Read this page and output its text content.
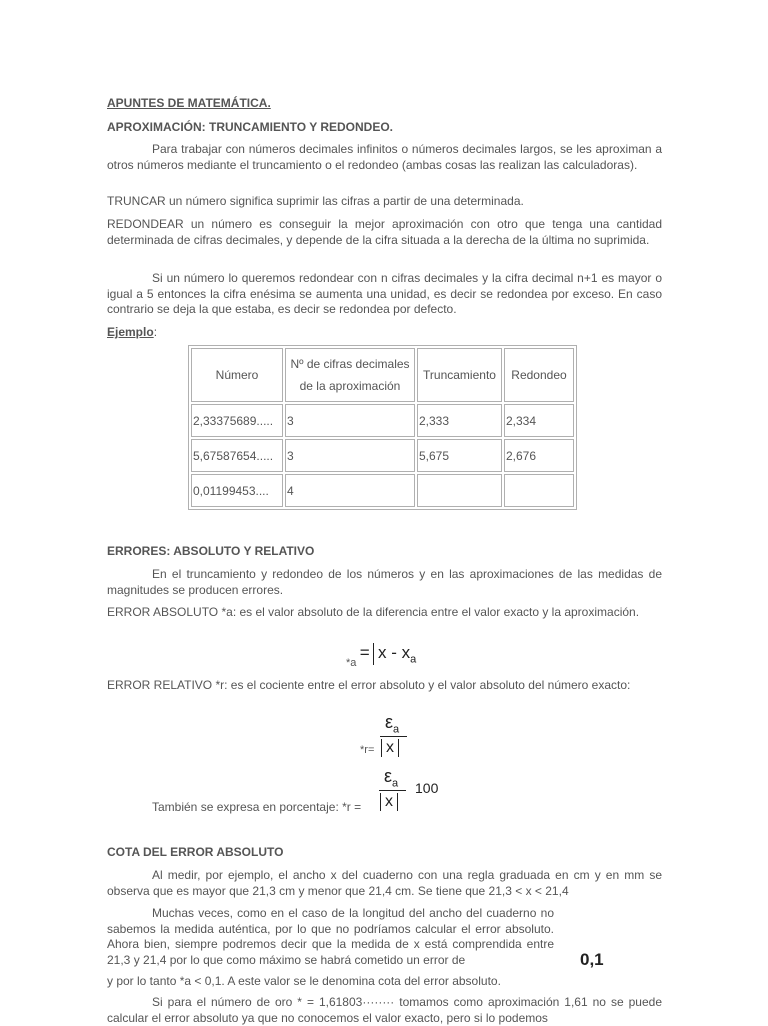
APUNTES DE MATEMÁTICA.

APROXIMACIÓN: TRUNCAMIENTO Y REDONDEO.

Para trabajar con números decimales infinitos o números decimales largos, se les aproximan a otros números mediante el truncamiento o el redondeo (ambas cosas las realizan las calculadoras).

TRUNCAR un número significa suprimir las cifras a partir de una determinada.

REDONDEAR un número es conseguir la mejor aproximación con otro que tenga una cantidad determinada de cifras decimales, y depende de la cifra situada a la derecha de la última no suprimida.

Si un número lo queremos redondear con n cifras decimales y la cifra decimal n+1 es mayor o igual a 5 entonces la cifra enésima se aumenta una unidad, es decir se redondea por exceso. En caso contrario se deja la que estaba, es decir se redondea por defecto.

Ejemplo:

Número	Nº de cifras decimales de la aproximación	Truncamiento	Redondeo
2,33375689.....	3	2,333	2,334
5,67587654.....	3	5,675	2,676
0,01199453....	4		

ERRORES: ABSOLUTO Y RELATIVO

En el truncamiento y redondeo de los números y en las aproximaciones de las medidas de magnitudes se producen errores.

ERROR ABSOLUTO *a: es el valor absoluto de la diferencia entre el valor exacto y la aproximación.

$*a = x - x_a$

ERROR RELATIVO *r: es el cociente entre el error absoluto y el valor absoluto del número exacto:

*r=
$\varepsilon_a$
x
También se expresa en porcentaje: *r =
$\varepsilon_a$
x
100

COTA DEL ERROR ABSOLUTO

Al medir, por ejemplo, el ancho x del cuaderno con una regla graduada en cm y en mm se observa que es mayor que 21,3 cm y menor que 21,4 cm. Se tiene que 21,3 < x < 21,4

Muchas veces, como en el caso de la longitud del ancho del cuaderno no sabemos la medida auténtica, por lo que no podríamos calcular el error absoluto. Ahora bien, siempre podremos decir que la medida de x está comprendida entre 21,3 y 21,4 por lo que como máximo se habrá cometido un error de	0,1

y por lo tanto *a < 0,1. A este valor se le denomina cota del error absoluto.

Si para el número de oro * = 1,61803········ tomamos como aproximación 1,61 no se puede calcular el error absoluto ya que no conocemos el valor exacto, pero si lo podemos
